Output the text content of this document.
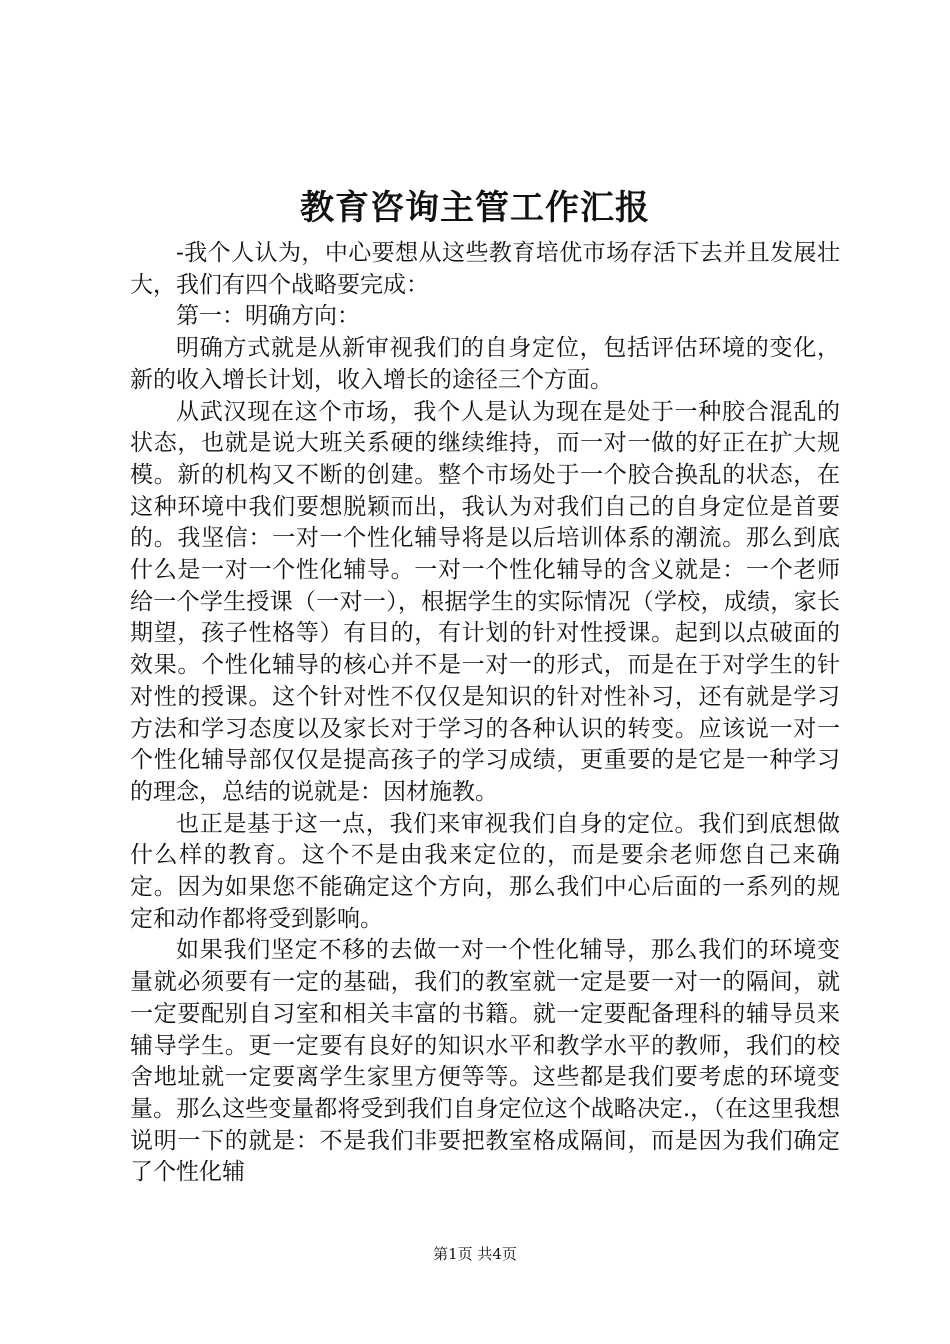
教育咨询主管工作汇报

-我个人认为，中心要想从这些教育培优市场存活下去并且发展壮大，我们有四个战略要完成：

第一：明确方向：

明确方式就是从新审视我们的自身定位，包括评估环境的变化，新的收入增长计划，收入增长的途径三个方面。

从武汉现在这个市场，我个人是认为现在是处于一种胶合混乱的状态，也就是说大班关系硬的继续维持，而一对一做的好正在扩大规模。新的机构又不断的创建。整个市场处于一个胶合换乱的状态，在这种环境中我们要想脱颖而出，我认为对我们自己的自身定位是首要的。我坚信：一对一个性化辅导将是以后培训体系的潮流。那么到底什么是一对一个性化辅导。一对一个性化辅导的含义就是：一个老师给一个学生授课（一对一），根据学生的实际情况（学校，成绩，家长期望，孩子性格等）有目的，有计划的针对性授课。起到以点破面的效果。个性化辅导的核心并不是一对一的形式，而是在于对学生的针对性的授课。这个针对性不仅仅是知识的针对性补习，还有就是学习方法和学习态度以及家长对于学习的各种认识的转变。应该说一对一个性化辅导部仅仅是提高孩子的学习成绩，更重要的是它是一种学习的理念，总结的说就是：因材施教。

也正是基于这一点，我们来审视我们自身的定位。我们到底想做什么样的教育。这个不是由我来定位的，而是要余老师您自己来确定。因为如果您不能确定这个方向，那么我们中心后面的一系列的规定和动作都将受到影响。

如果我们坚定不移的去做一对一个性化辅导，那么我们的环境变量就必须要有一定的基础，我们的教室就一定是要一对一的隔间，就一定要配别自习室和相关丰富的书籍。就一定要配备理科的辅导员来辅导学生。更一定要有良好的知识水平和教学水平的教师，我们的校舍地址就一定要离学生家里方便等等。这些都是我们要考虑的环境变量。那么这些变量都将受到我们自身定位这个战略决定.，（在这里我想说明一下的就是：不是我们非要把教室格成隔间，而是因为我们确定了个性化辅

第1页 共4页
